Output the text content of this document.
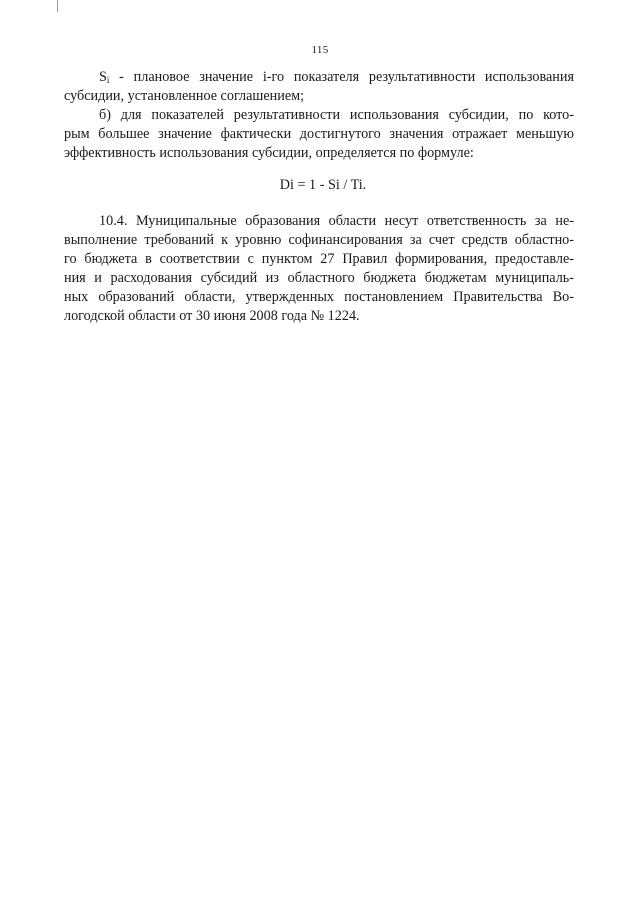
115
$S_i$ - плановое значение i-го показателя результативности использования
субсидии, установленное соглашением;
б) для показателей результативности использования субсидии, по кото-
рым большее значение фактически достигнутого значения отражает меньшую
эффективность использования субсидии, определяется по формуле:
Di = 1 - Si / Ti.
10.4. Муниципальные образования области несут ответственность за не-
выполнение требований к уровню софинансирования за счет средств областно-
го бюджета в соответствии с пунктом 27 Правил формирования, предоставле-
ния и расходования субсидий из областного бюджета бюджетам муниципаль-
ных образований области, утвержденных постановлением Правительства Во-
логодской области от 30 июня 2008 года № 1224.
